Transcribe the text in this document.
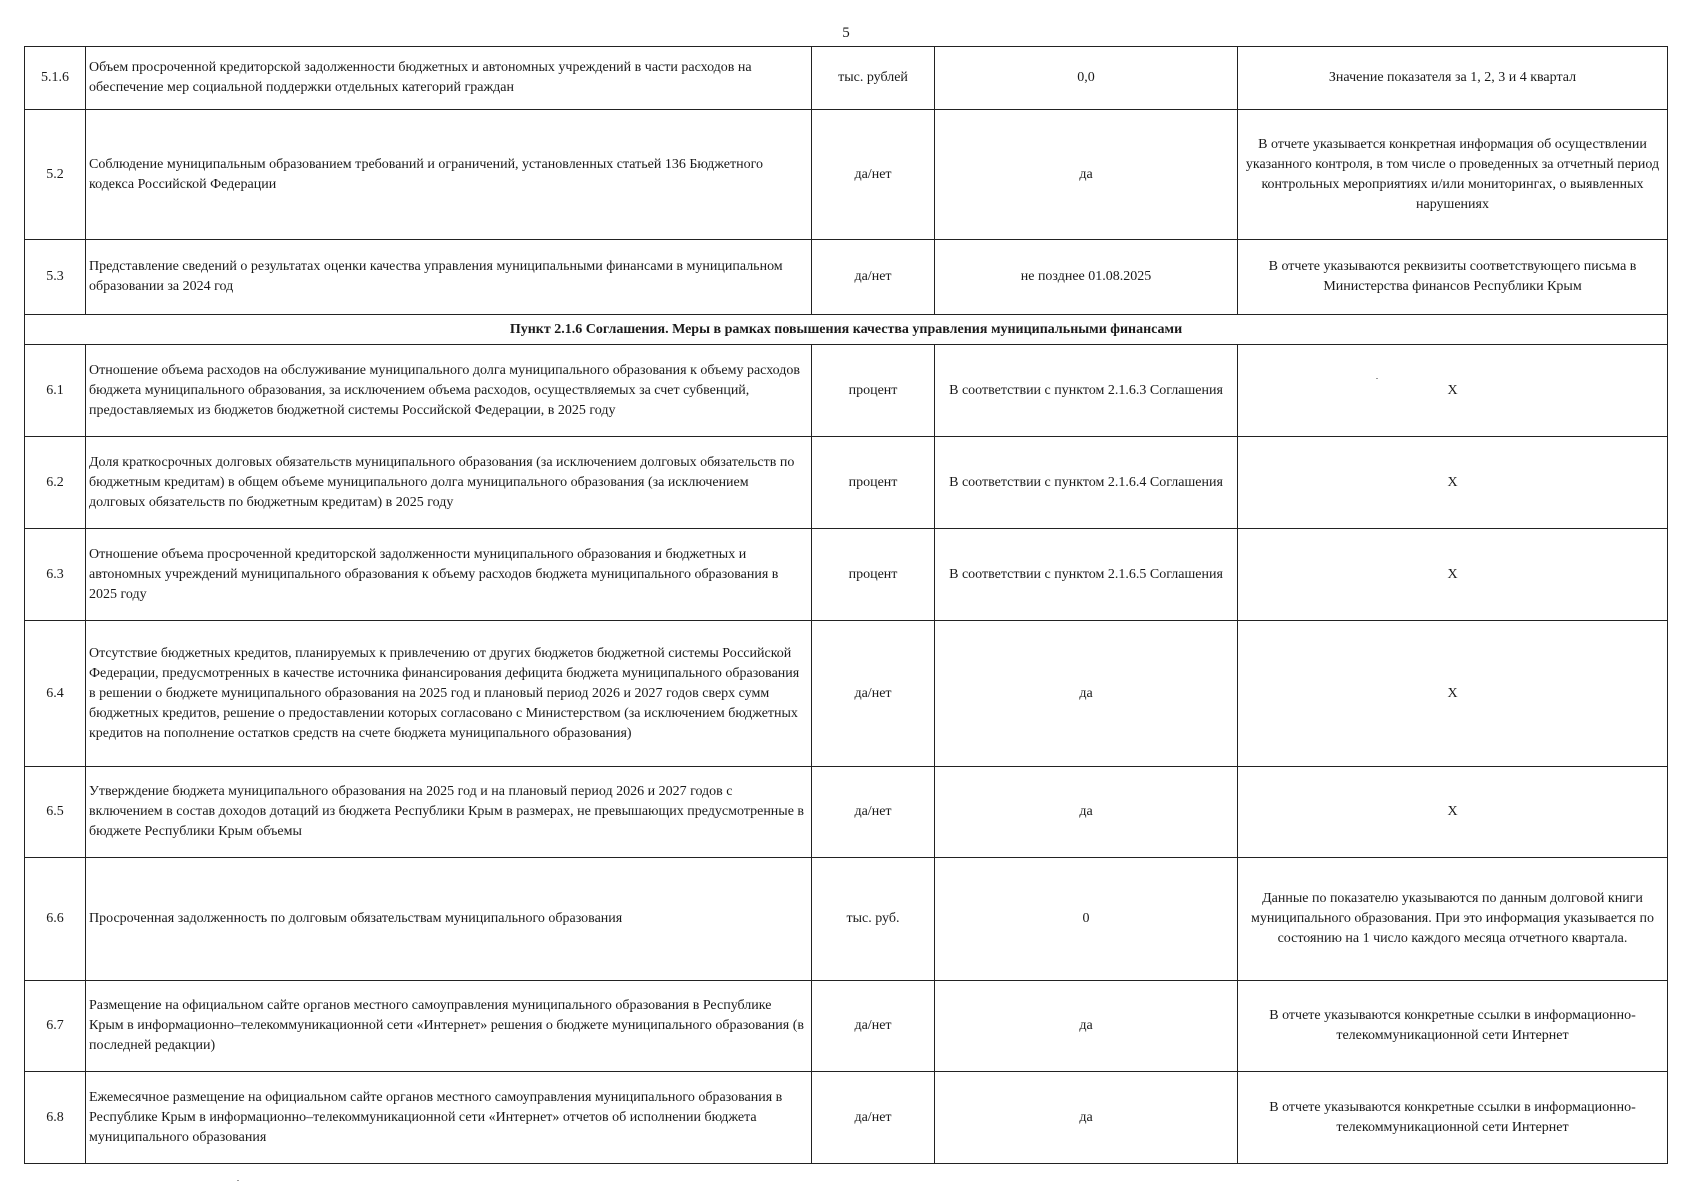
5
5.1.6	Объем просроченной кредиторской задолженности бюджетных и автономных учреждений в части расходов на обеспечение мер социальной поддержки отдельных категорий граждан	тыс. рублей	0,0	Значение показателя за 1, 2, 3 и 4 квартал
5.2	Соблюдение муниципальным образованием требований и ограничений, установленных статьей 136 Бюджетного кодекса Российской Федерации	да/нет	да	В отчете указывается конкретная информация об осуществлении указанного контроля, в том числе о проведенных за отчетный период контрольных мероприятиях и/или мониторингах, о выявленных нарушениях
5.3	Представление сведений о результатах оценки качества управления муниципальными финансами в муниципальном образовании за 2024 год	да/нет	не позднее 01.08.2025	В отчете указываются реквизиты соответствующего письма в Министерства финансов Республики Крым
Пункт 2.1.6 Соглашения. Меры в рамках повышения качества управления муниципальными финансами				
6.1	Отношение объема расходов на обслуживание муниципального долга муниципального образования к объему расходов бюджета муниципального образования, за исключением объема расходов, осуществляемых за счет субвенций, предоставляемых из бюджетов бюджетной системы Российской Федерации, в 2025 году	процент	В соответствии с пунктом 2.1.6.3 Соглашения	X
6.2	Доля краткосрочных долговых обязательств муниципального образования (за исключением долговых обязательств по бюджетным кредитам) в общем объеме муниципального долга муниципального образования (за исключением долговых обязательств по бюджетным кредитам) в 2025 году	процент	В соответствии с пунктом 2.1.6.4 Соглашения	X
6.3	Отношение объема просроченной кредиторской задолженности муниципального образования и бюджетных и автономных учреждений муниципального образования к объему расходов бюджета муниципального образования в 2025 году	процент	В соответствии с пунктом 2.1.6.5 Соглашения	X
6.4	Отсутствие бюджетных кредитов, планируемых к привлечению от других бюджетов бюджетной системы Российской Федерации, предусмотренных в качестве источника финансирования дефицита бюджета муниципального образования в решении о бюджете муниципального образования на 2025 год и плановый период 2026 и 2027 годов сверх сумм бюджетных кредитов, решение о предоставлении которых согласовано с Министерством (за исключением бюджетных кредитов на пополнение остатков средств на счете бюджета муниципального образования)	да/нет	да	X
6.5	Утверждение бюджета муниципального образования на 2025 год и на плановый период 2026 и 2027 годов с включением в состав доходов дотаций из бюджета Республики Крым в размерах, не превышающих предусмотренные в бюджете Республики Крым объемы	да/нет	да	X
6.6	Просроченная задолженность по долговым обязательствам муниципального образования	тыс. руб.	0	Данные по показателю указываются по данным долговой книги муниципального образования. При это информация указывается по состоянию на 1 число каждого месяца отчетного квартала.
6.7	Размещение на официальном сайте органов местного самоуправления муниципального образования в Республике Крым в информационно–телекоммуникационной сети «Интернет» решения о бюджете муниципального образования (в последней редакции)	да/нет	да	В отчете указываются конкретные ссылки в информационно-телекоммуникационной сети Интернет
6.8	Ежемесячное размещение на официальном сайте органов местного самоуправления муниципального образования в Республике Крым в информационно–телекоммуникационной сети «Интернет» отчетов об исполнении бюджета муниципального образования	да/нет	да	В отчете указываются конкретные ссылки в информационно-телекоммуникационной сети Интернет
